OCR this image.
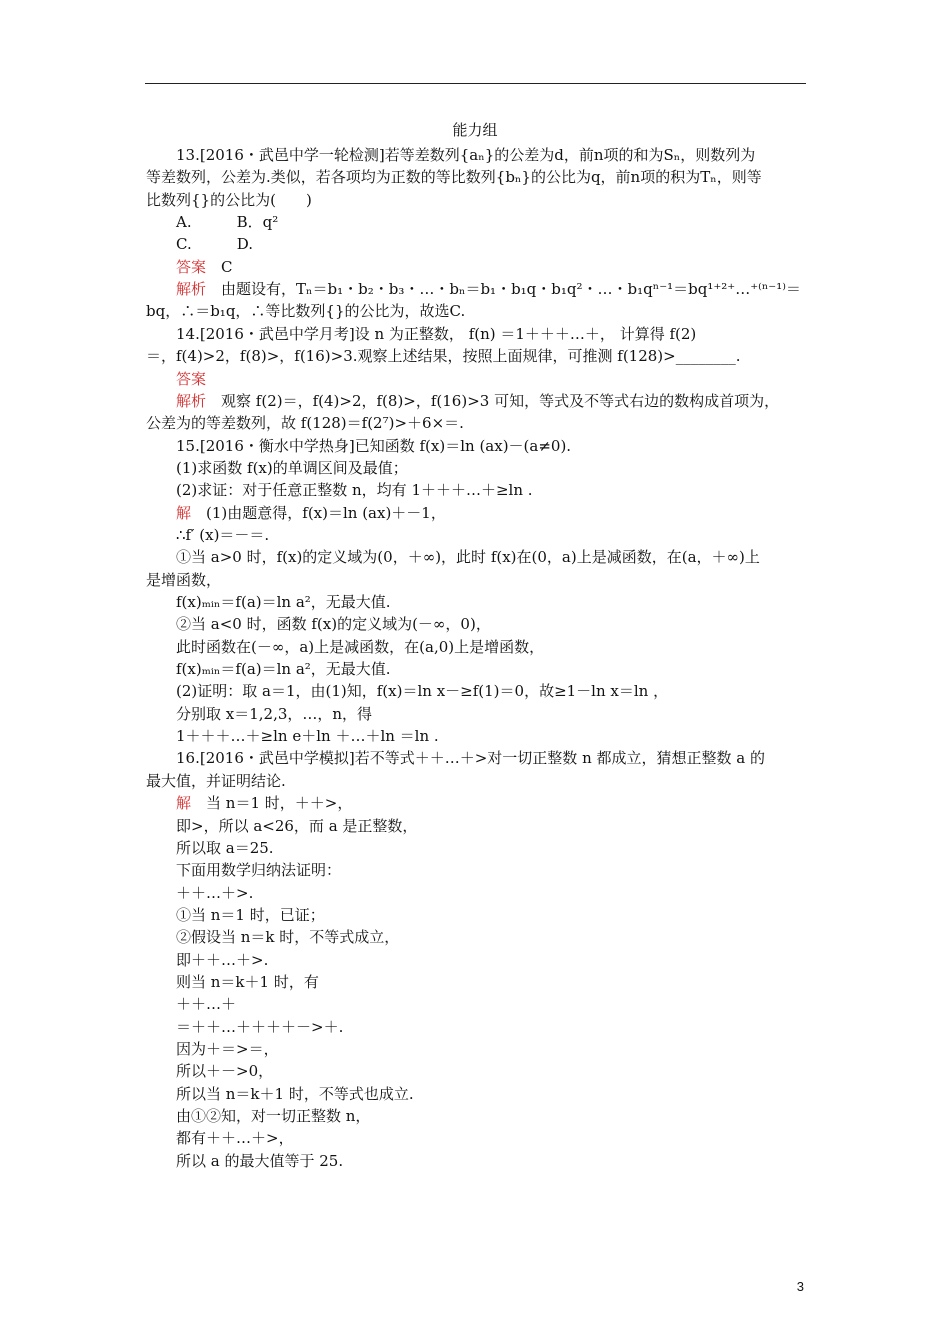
能力组
13.[2016・武邑中学一轮检测]若等差数列{aₙ}的公差为d，前n项的和为Sₙ，则数列为
等差数列，公差为.类似，若各项均为正数的等比数列{bₙ}的公比为q，前n项的积为Tₙ，则等
比数列{}的公比为(　　)
A.　　　B．q²
C.　　　D.
答案　C
解析　由题设有，Tₙ＝b₁・b₂・b₃・…・bₙ＝b₁・b₁q・b₁q²・…・b₁qⁿ⁻¹＝bq¹⁺²⁺…⁺⁽ⁿ⁻¹⁾＝
bq，∴＝b₁q，∴等比数列{}的公比为，故选C.
14.[2016・武邑中学月考]设 n 为正整数， f(n) ＝1＋＋＋…＋， 计算得 f(2)
＝，f(4)>2，f(8)>，f(16)>3.观察上述结果，按照上面规律，可推测 f(128)>________.
答案
解析　观察 f(2)＝，f(4)>2，f(8)>，f(16)>3 可知，等式及不等式右边的数构成首项为，
公差为的等差数列，故 f(128)＝f(2⁷)>＋6×＝.
15.[2016・衡水中学热身]已知函数 f(x)＝ln (ax)－(a≠0).
(1)求函数 f(x)的单调区间及最值；
(2)求证：对于任意正整数 n，均有 1＋＋＋…＋≥ln .
解　(1)由题意得，f(x)＝ln (ax)＋－1，
∴f′ (x)＝－＝.
①当 a>0 时，f(x)的定义域为(0，＋∞)，此时 f(x)在(0，a)上是减函数，在(a，＋∞)上
是增函数，
f(x)ₘᵢₙ＝f(a)＝ln a²，无最大值.
②当 a<0 时，函数 f(x)的定义域为(－∞，0)，
此时函数在(－∞，a)上是减函数，在(a,0)上是增函数，
f(x)ₘᵢₙ＝f(a)＝ln a²，无最大值.
(2)证明：取 a＝1，由(1)知，f(x)＝ln x－≥f(1)＝0，故≥1－ln x＝ln ，
分别取 x＝1,2,3，…，n，得
1＋＋＋…＋≥ln e＋ln ＋…＋ln ＝ln .
16.[2016・武邑中学模拟]若不等式＋＋…＋>对一切正整数 n 都成立，猜想正整数 a 的
最大值，并证明结论.
解　当 n＝1 时，＋＋>，
即>，所以 a<26，而 a 是正整数，
所以取 a＝25.
下面用数学归纳法证明：
＋＋…＋>.
①当 n＝1 时，已证；
②假设当 n＝k 时，不等式成立，
即＋＋…＋>.
则当 n＝k＋1 时，有
＋＋…＋
＝＋＋…＋＋＋＋－>＋.
因为＋＝>＝，
所以＋－>0，
所以当 n＝k＋1 时，不等式也成立.
由①②知，对一切正整数 n，
都有＋＋…＋>，
所以 a 的最大值等于 25.
3
